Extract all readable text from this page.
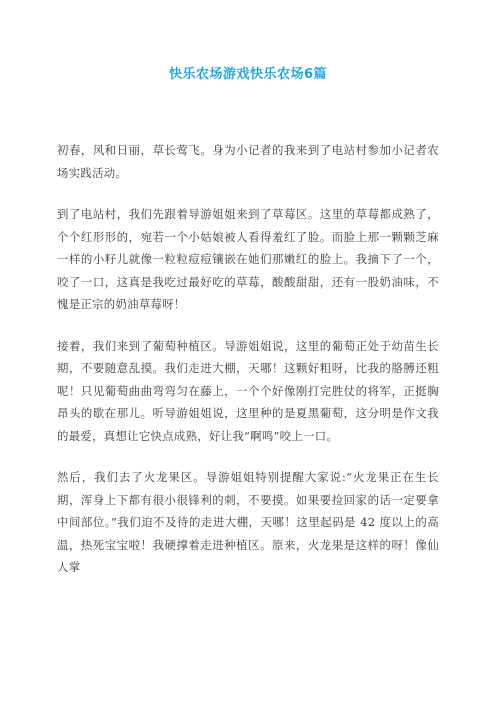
快乐农场游戏快乐农场6篇

初春，风和日丽，草长莺飞。身为小记者的我来到了电站村参加小记者农场实践活动。

到了电站村，我们先跟着导游姐姐来到了草莓区。这里的草莓都成熟了，个个红形形的，宛若一个小姑娘被人看得羞红了脸。而脸上那一颗颗芝麻一样的小籽儿就像一粒粒痘痘镶嵌在她们那嫩红的脸上。我摘下了一个，咬了一口，这真是我吃过最好吃的草莓，酸酸甜甜，还有一股奶油味，不愧是正宗的奶油草莓呀！

接着，我们来到了葡萄种植区。导游姐姐说，这里的葡萄正处于幼苗生长期，不要随意乱摸。我们走进大棚，天哪！这颗好粗呀，比我的胳膊还粗呢！只见葡萄曲曲弯弯匀在藤上，一个个好像刚打完胜仗的将军，正挺胸昂头的歇在那儿。听导游姐姐说，这里种的是夏黑葡萄，这分明是作文我的最爱，真想让它快点成熟，好让我“啊鸣”咬上一口。

然后，我们去了火龙果区。导游姐姐特别提醒大家说:“火龙果正在生长期，浑身上下都有很小很锋利的刺，不要摸。如果要捡回家的话一定要拿中间部位。”我们迫不及待的走进大棚，天哪！这里起码是 42 度以上的高温，热死宝宝啦！我硬撑着走进种植区。原来，火龙果是这样的呀！像仙人掌
